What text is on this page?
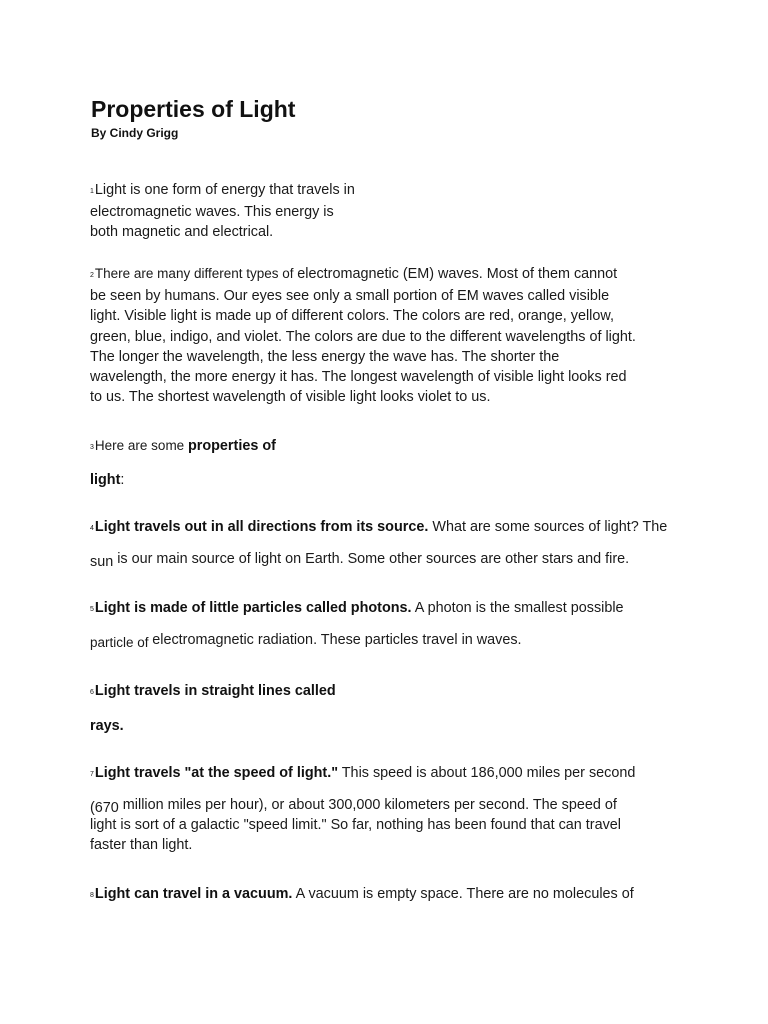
Properties of Light
By Cindy Grigg
1Light is one form of energy that travels in
electromagnetic waves. This energy is
both magnetic and electrical.
2There are many different types of electromagnetic (EM) waves. Most of them cannot
be seen by humans. Our eyes see only a small portion of EM waves called visible
light. Visible light is made up of different colors. The colors are red, orange, yellow,
green, blue, indigo, and violet. The colors are due to the different wavelengths of light.
The longer the wavelength, the less energy the wave has. The shorter the
wavelength, the more energy it has. The longest wavelength of visible light looks red
to us. The shortest wavelength of visible light looks violet to us.
3Here are some properties of
light:
4Light travels out in all directions from its source. What are some sources of light? The
sun is our main source of light on Earth. Some other sources are other stars and fire.
5Light is made of little particles called photons. A photon is the smallest possible
particle of electromagnetic radiation. These particles travel in waves.
6Light travels in straight lines called
rays.
7Light travels "at the speed of light." This speed is about 186,000 miles per second
(670 million miles per hour), or about 300,000 kilometers per second. The speed of
light is sort of a galactic "speed limit." So far, nothing has been found that can travel
faster than light.
8Light can travel in a vacuum. A vacuum is empty space. There are no molecules of
